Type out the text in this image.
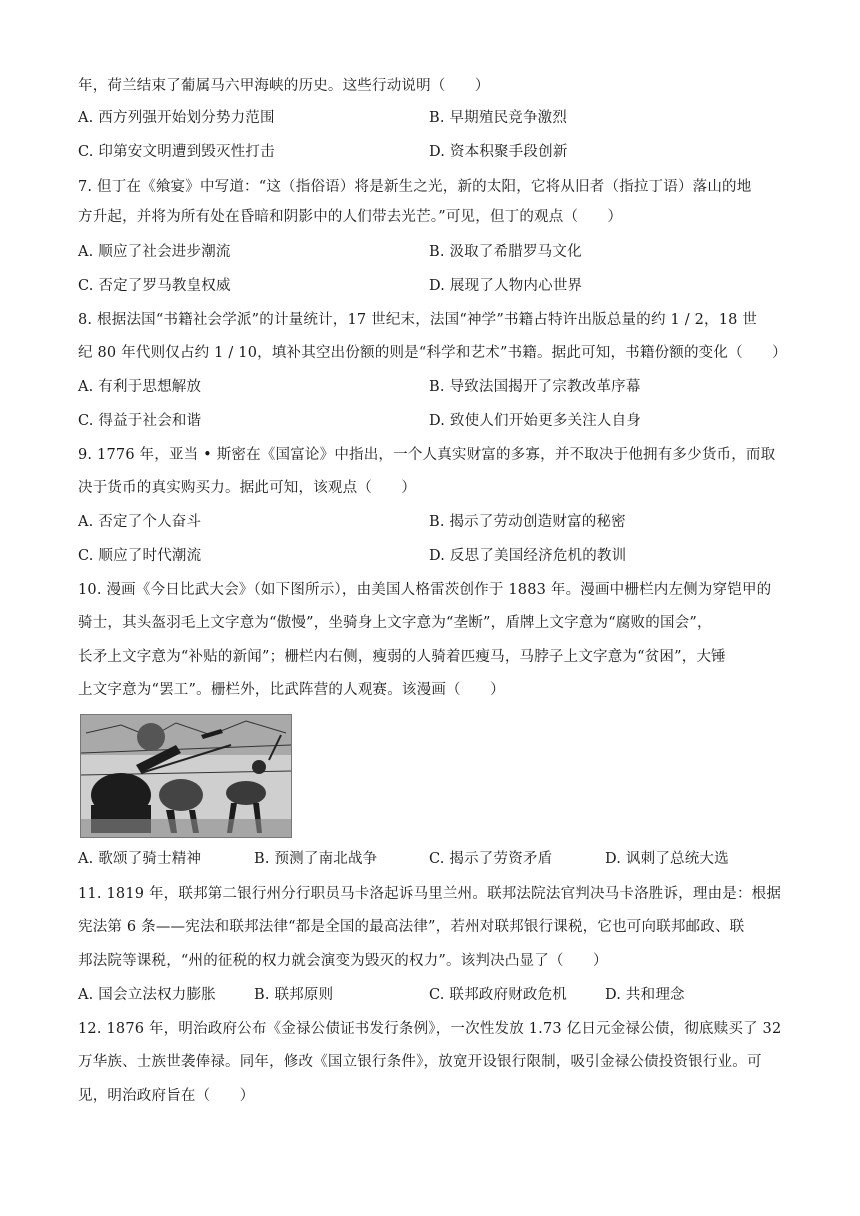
年，荷兰结束了葡属马六甲海峡的历史。这些行动说明（　　）
A. 西方列强开始划分势力范围	B. 早期殖民竞争激烈
C. 印第安文明遭到毁灭性打击	D. 资本积聚手段创新
7. 但丁在《飨宴》中写道：“这（指俗语）将是新生之光，新的太阳，它将从旧者（指拉丁语）落山的地
方升起，并将为所有处在昏暗和阴影中的人们带去光芒。”可见，但丁的观点（　　）
A. 顺应了社会进步潮流	B. 汲取了希腊罗马文化
C. 否定了罗马教皇权威	D. 展现了人物内心世界
8. 根据法国“书籍社会学派”的计量统计，17 世纪末，法国“神学”书籍占特许出版总量的约 1 / 2，18 世
纪 80 年代则仅占约 1 / 10，填补其空出份额的则是“科学和艺术”书籍。据此可知，书籍份额的变化（　　）
A. 有利于思想解放	B. 导致法国揭开了宗教改革序幕
C. 得益于社会和谐	D. 致使人们开始更多关注人自身
9. 1776 年，亚当 • 斯密在《国富论》中指出，一个人真实财富的多寡，并不取决于他拥有多少货币，而取
决于货币的真实购买力。据此可知，该观点（　　）
A. 否定了个人奋斗	B. 揭示了劳动创造财富的秘密
C. 顺应了时代潮流	D. 反思了美国经济危机的教训
10. 漫画《今日比武大会》（如下图所示），由美国人格雷茨创作于 1883 年。漫画中栅栏内左侧为穿铠甲的
骑士，其头盔羽毛上文字意为“傲慢”，坐骑身上文字意为“垄断”，盾牌上文字意为“腐败的国会”，
长矛上文字意为“补贴的新闻”；栅栏内右侧，瘦弱的人骑着匹瘦马，马脖子上文字意为“贫困”，大锤
上文字意为“罢工”。栅栏外，比武阵营的人观赛。该漫画（　　）
A. 歌颂了骑士精神	B. 预测了南北战争	C. 揭示了劳资矛盾	D. 讽刺了总统大选
11. 1819 年，联邦第二银行州分行职员马卡洛起诉马里兰州。联邦法院法官判决马卡洛胜诉，理由是：根据
宪法第 6 条——宪法和联邦法律“都是全国的最高法律”，若州对联邦银行课税，它也可向联邦邮政、联
邦法院等课税，“州的征税的权力就会演变为毁灭的权力”。该判决凸显了（　　）
A. 国会立法权力膨胀	B. 联邦原则	C. 联邦政府财政危机	D. 共和理念
12. 1876 年，明治政府公布《金禄公债证书发行条例》，一次性发放 1.73 亿日元金禄公债，彻底赎买了 32
万华族、士族世袭俸禄。同年，修改《国立银行条件》，放宽开设银行限制，吸引金禄公债投资银行业。可
见，明治政府旨在（　　）
